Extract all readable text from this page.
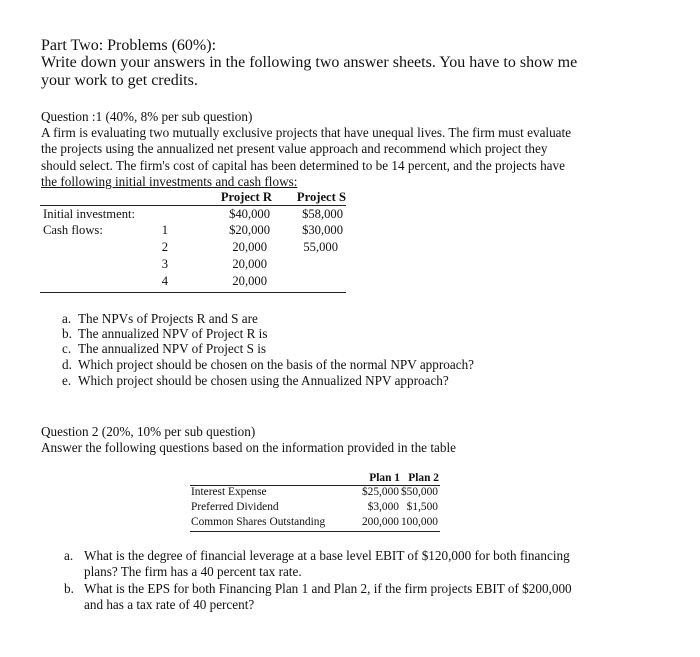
Part Two: Problems (60%):
Write down your answers in the following two answer sheets. You have to show me
your work to get credits.
Question :1 (40%, 8% per sub question)
A firm is evaluating two mutually exclusive projects that have unequal lives. The firm must evaluate
the projects using the annualized net present value approach and recommend which project they
should select. The firm's cost of capital has been determined to be 14 percent, and the projects have
the following initial investments and cash flows:
Project R	Project S
Initial investment:	$40,000	$58,000
Cash flows:	1	$20,000	$30,000
2	20,000	55,000
3	20,000
4	20,000
a. The NPVs of Projects R and S are
b. The annualized NPV of Project R is
c. The annualized NPV of Project S is
d. Which project should be chosen on the basis of the normal NPV approach?
e. Which project should be chosen using the Annualized NPV approach?
Question 2 (20%, 10% per sub question)
Answer the following questions based on the information provided in the table
Plan 1 Plan 2
Interest Expense	$25,000 $50,000
Preferred Dividend	$3,000 $1,500
Common Shares Outstanding	200,000 100,000
a. What is the degree of financial leverage at a base level EBIT of $120,000 for both financing
plans? The firm has a 40 percent tax rate.
b. What is the EPS for both Financing Plan 1 and Plan 2, if the firm projects EBIT of $200,000
and has a tax rate of 40 percent?
